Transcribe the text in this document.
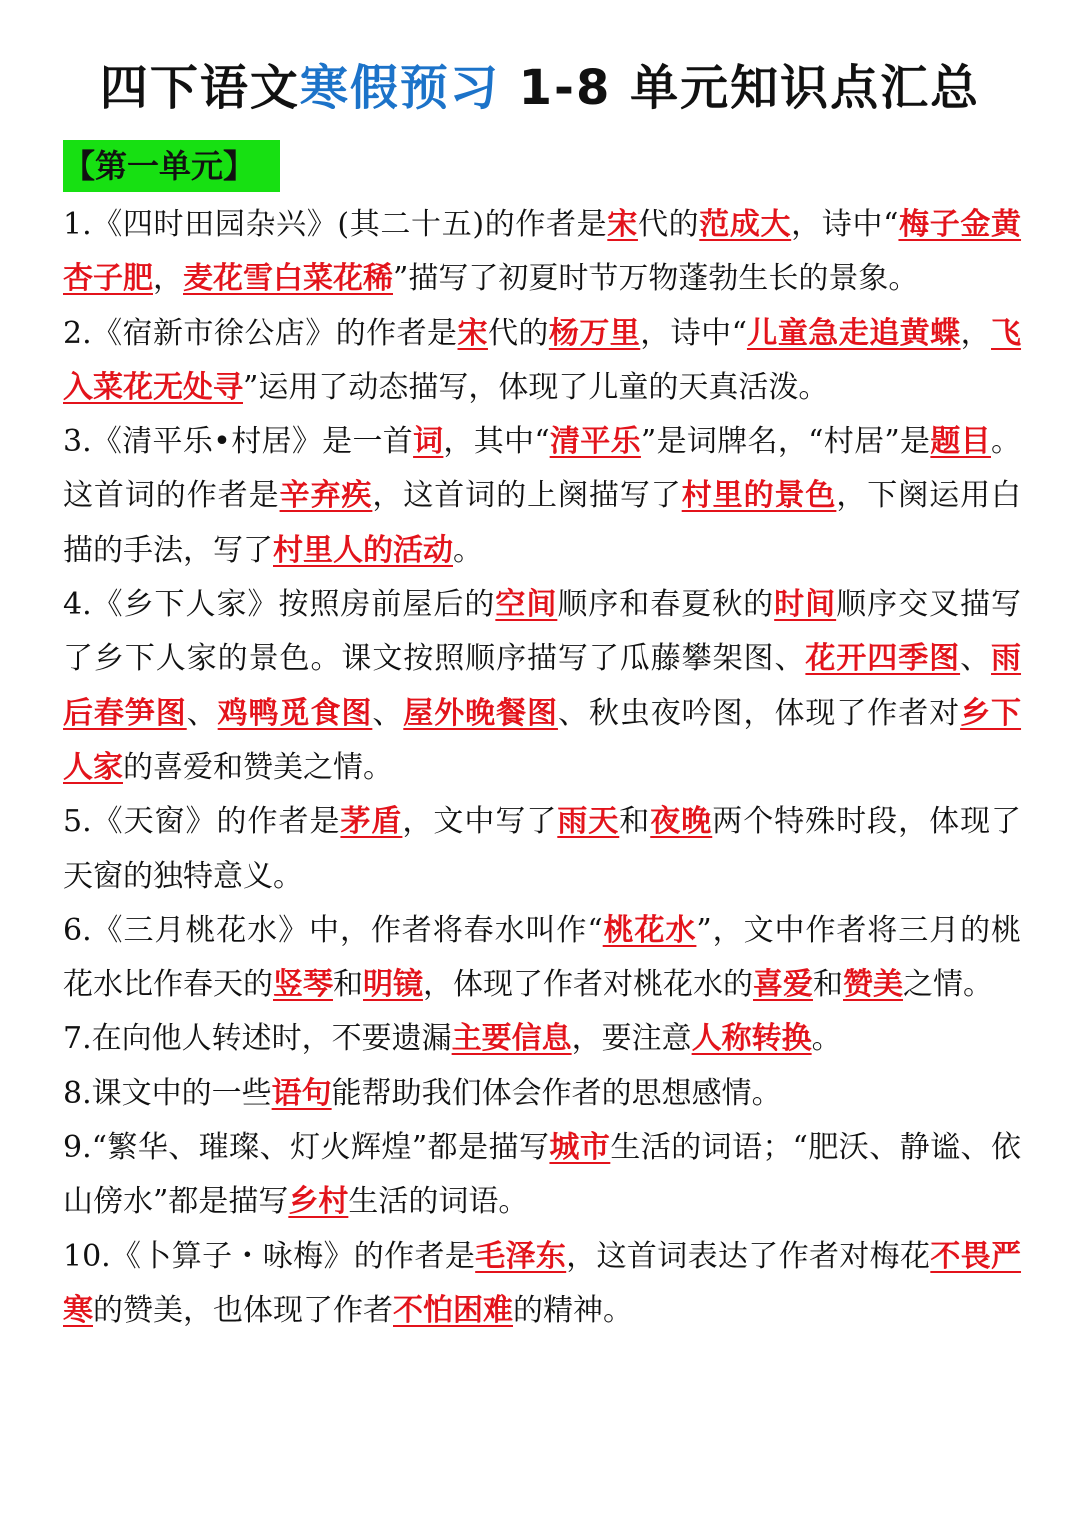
四下语文寒假预习 1-8 单元知识点汇总
【第一单元】

1.《四时田园杂兴》(其二十五)的作者是宋代的范成大，诗中“梅子金黄杏子肥，麦花雪白菜花稀”描写了初夏时节万物蓬勃生长的景象。

2.《宿新市徐公店》的作者是宋代的杨万里，诗中“儿童急走追黄蝶，飞入菜花无处寻”运用了动态描写，体现了儿童的天真活泼。

3.《清平乐•村居》是一首词，其中“清平乐”是词牌名，“村居”是题目。这首词的作者是辛弃疾，这首词的上阕描写了村里的景色，下阕运用白描的手法，写了村里人的活动。

4.《乡下人家》按照房前屋后的空间顺序和春夏秋的时间顺序交叉描写了乡下人家的景色。课文按照顺序描写了瓜藤攀架图、花开四季图、雨后春笋图、鸡鸭觅食图、屋外晚餐图、秋虫夜吟图，体现了作者对乡下人家的喜爱和赞美之情。

5.《天窗》的作者是茅盾，文中写了雨天和夜晚两个特殊时段，体现了天窗的独特意义。

6.《三月桃花水》中，作者将春水叫作“桃花水”，文中作者将三月的桃花水比作春天的竖琴和明镜，体现了作者对桃花水的喜爱和赞美之情。

7.在向他人转述时，不要遗漏主要信息，要注意人称转换。

8.课文中的一些语句能帮助我们体会作者的思想感情。

9.“繁华、璀璨、灯火辉煌”都是描写城市生活的词语；“肥沃、静谧、依山傍水”都是描写乡村生活的词语。

10.《卜算子・咏梅》的作者是毛泽东，这首词表达了作者对梅花不畏严寒的赞美，也体现了作者不怕困难的精神。
